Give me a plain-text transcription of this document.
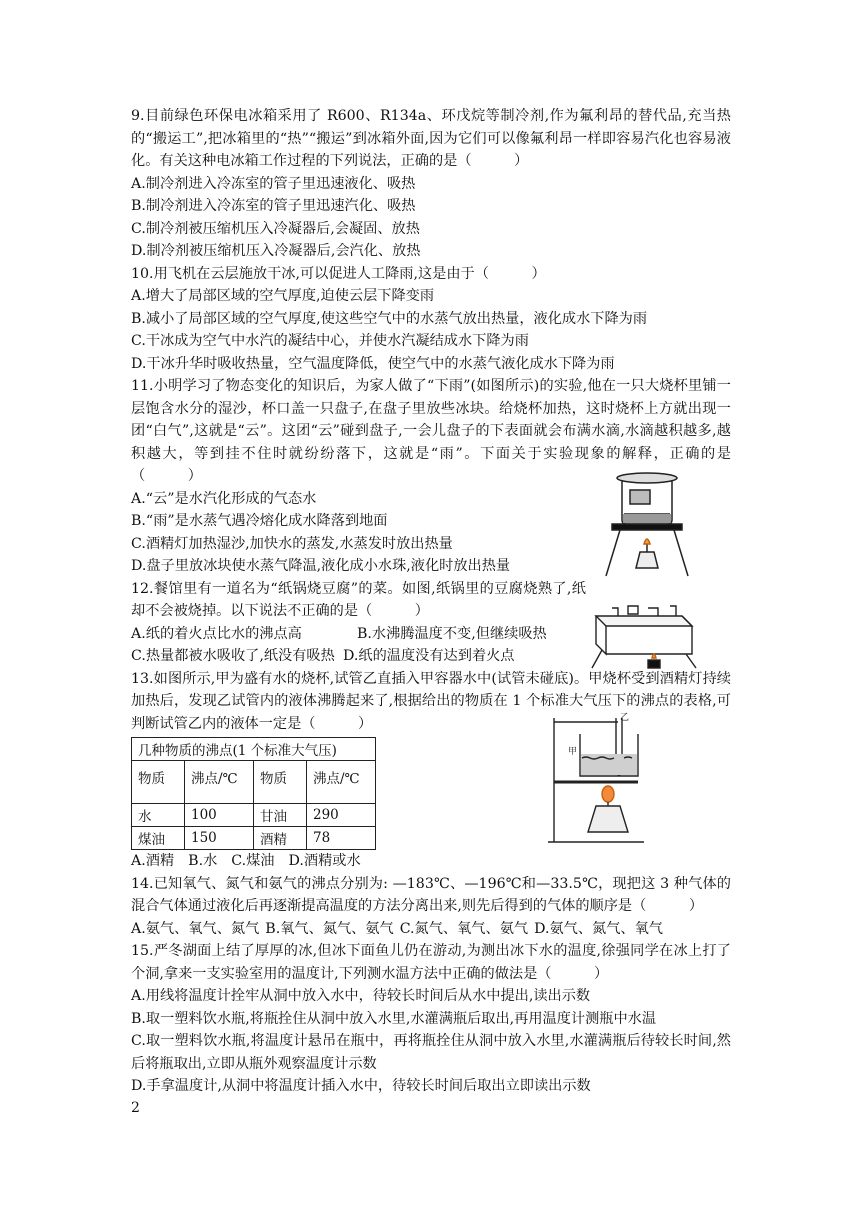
9.目前绿色环保电冰箱采用了 R600、R134a、环戊烷等制冷剂,作为氟利昂的替代品,充当热的“搬运工”,把冰箱里的“热”“搬运”到冰箱外面,因为它们可以像氟利昂一样即容易汽化也容易液化。有关这种电冰箱工作过程的下列说法，正确的是（　　　）
A.制冷剂进入冷冻室的管子里迅速液化、吸热
B.制冷剂进入冷冻室的管子里迅速汽化、吸热
C.制冷剂被压缩机压入冷凝器后,会凝固、放热
D.制冷剂被压缩机压入冷凝器后,会汽化、放热
10.用飞机在云层施放干冰,可以促进人工降雨,这是由于（　　　）
A.增大了局部区域的空气厚度,迫使云层下降变雨
B.减小了局部区域的空气厚度,使这些空气中的水蒸气放出热量，液化成水下降为雨
C.干冰成为空气中水汽的凝结中心，并使水汽凝结成水下降为雨
D.干冰升华时吸收热量，空气温度降低，使空气中的水蒸气液化成水下降为雨
11.小明学习了物态变化的知识后，为家人做了“下雨”(如图所示)的实验,他在一只大烧杯里铺一层饱含水分的湿沙，杯口盖一只盘子,在盘子里放些冰块。给烧杯加热，这时烧杯上方就出现一团“白气”,这就是“云”。这团“云”碰到盘子,一会儿盘子的下表面就会布满水滴,水滴越积越多,越积越大，等到挂不住时就纷纷落下，这就是“雨”。下面关于实验现象的解释，正确的是（　　　）
A.“云”是水汽化形成的气态水
B.“雨”是水蒸气遇冷熔化成水降落到地面
C.酒精灯加热湿沙,加快水的蒸发,水蒸发时放出热量
D.盘子里放冰块使水蒸气降温,液化成小水珠,液化时放出热量
12.餐馆里有一道名为“纸锅烧豆腐”的菜。如图,纸锅里的豆腐烧熟了,纸却不会被烧掉。以下说法不正确的是（　　　）
A.纸的着火点比水的沸点高	B.水沸腾温度不变,但继续吸热
C.热量都被水吸收了,纸没有吸热 D.纸的温度没有达到着火点
13.如图所示,甲为盛有水的烧杯,试管乙直插入甲容器水中(试管未碰底)。甲烧杯受到酒精灯持续加热后，发现乙试管内的液体沸腾起来了,根据给出的物质在 1 个标准大气压下的沸点的表格,可判断试管乙内的液体一定是（　　　）
几种物质的沸点(1 个标准大气压)			
物质	沸点/℃	物质	沸点/℃
水	100	甘油	290
煤油	150	酒精	78
A.酒精 B.水 C.煤油 D.酒精或水
14.已知氧气、氮气和氨气的沸点分别为: —183℃、—196℃和—33.5℃，现把这 3 种气体的混合气体通过液化后再逐渐提高温度的方法分离出来,则先后得到的气体的顺序是（　　　）
A.氨气、氧气、氮气 B.氧气、氮气、氨气 C.氮气、氧气、氨气 D.氨气、氮气、氧气
15.严冬湖面上结了厚厚的冰,但冰下面鱼儿仍在游动,为测出冰下水的温度,徐强同学在冰上打了个洞,拿来一支实验室用的温度计,下列测水温方法中正确的做法是（　　　）
A.用线将温度计拴牢从洞中放入水中，待较长时间后从水中提出,读出示数
B.取一塑料饮水瓶,将瓶拴住从洞中放入水里,水灌满瓶后取出,再用温度计测瓶中水温
C.取一塑料饮水瓶,将温度计悬吊在瓶中，再将瓶拴住从洞中放入水里,水灌满瓶后待较长时间,然后将瓶取出,立即从瓶外观察温度计示数
D.手拿温度计,从洞中将温度计插入水中，待较长时间后取出立即读出示数
乙
甲
2
